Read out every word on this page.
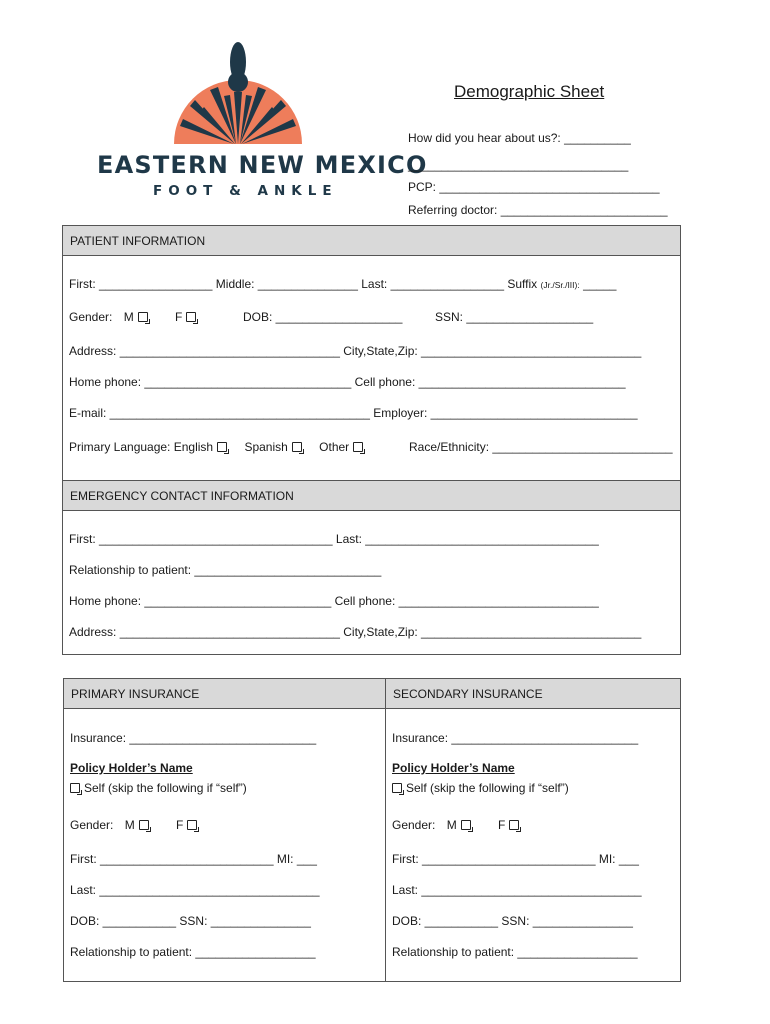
EASTERN NEW MEXICO
FOOT & ANKLE
Demographic Sheet
How did you hear about us?: __________
_________________________________
PCP: _________________________________
Referring doctor: _________________________
PATIENT INFORMATION
First: _________________ Middle: _______________ Last: _________________ Suffix (Jr./Sr./III): _____
Gender: M	F	DOB: ___________________	SSN: ___________________
Address: _________________________________ City,State,Zip: _________________________________
Home phone: _______________________________ Cell phone: _______________________________
E-mail: _______________________________________ Employer: _______________________________
Primary Language: English	Spanish	Other	Race/Ethnicity: ___________________________
EMERGENCY CONTACT INFORMATION
First: ___________________________________ Last: ___________________________________
Relationship to patient: ____________________________
Home phone: ____________________________ Cell phone: ______________________________
Address: _________________________________ City,State,Zip: _________________________________
PRIMARY INSURANCE	SECONDARY INSURANCE
Insurance: ____________________________
Policy Holder’s Name
Self (skip the following if “self”)
Gender: M	F
First: __________________________ MI: ___
Last: _________________________________
DOB: ___________ SSN: _______________
Relationship to patient: __________________
Insurance: ____________________________
Policy Holder’s Name
Self (skip the following if “self”)
Gender: M	F
First: __________________________ MI: ___
Last: _________________________________
DOB: ___________ SSN: _______________
Relationship to patient: __________________
